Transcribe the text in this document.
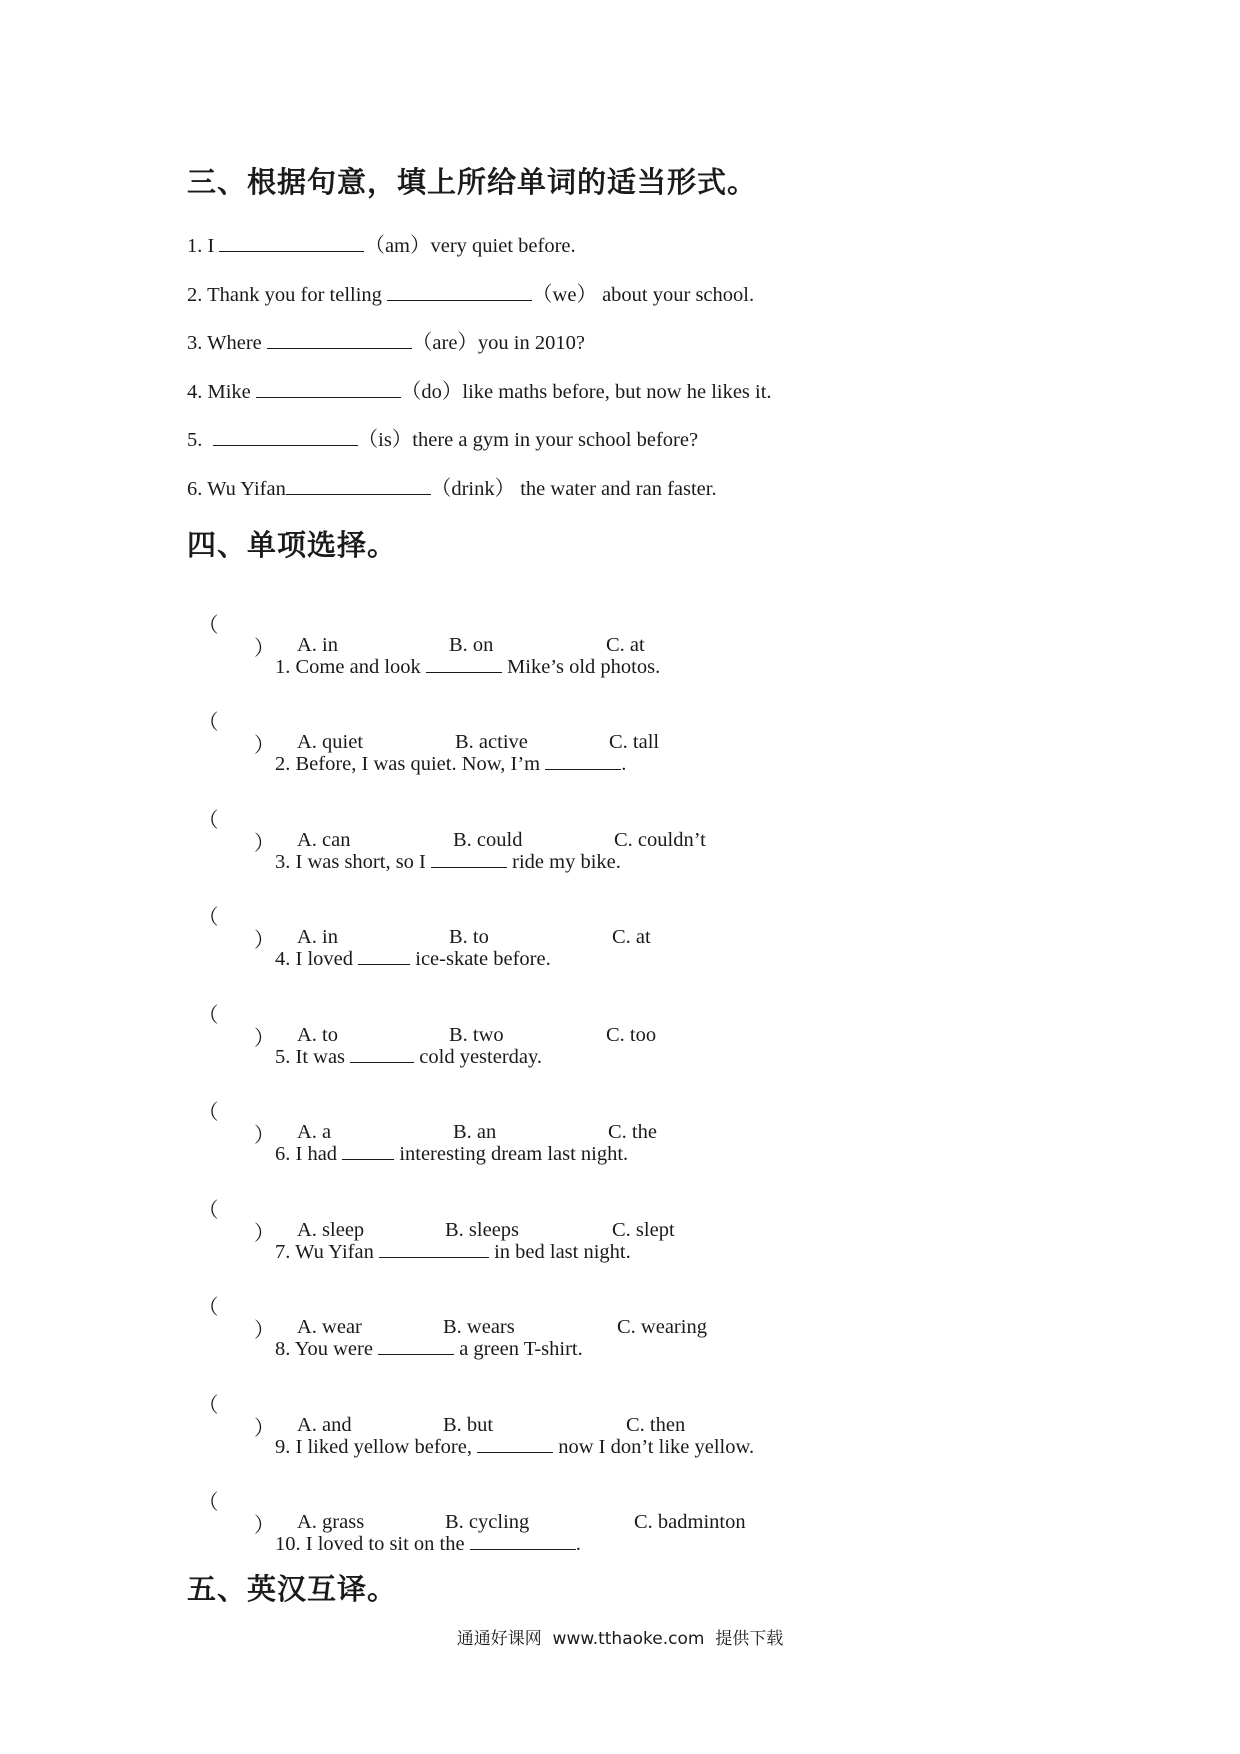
三、根据句意，填上所给单词的适当形式。
1. I	（am）very quiet before.
2. Thank you for telling	（we） about your school.
3. Where	（are）you in 2010?
4. Mike	（do）like maths before, but now he likes it.
5.	（is）there a gym in your school before?
6. Wu Yifan	（drink） the water and ran faster.
四、单项选择。

（

）

1. Come and look	Mike’s old photos.

A. in	B. on	C. at

（

）

2. Before, I was quiet. Now, I’m	.

A. quiet	B. active	C. tall

（

）

3. I was short, so I	ride my bike.

A. can	B. could	C. couldn’t

（

）

4. I loved	ice-skate before.

A. in	B. to	C. at

（

）

5. It was	cold yesterday.

A. to	B. two	C. too

（

）

6. I had	interesting dream last night.

A. a	B. an	C. the

（

）

7. Wu Yifan	in bed last night.

A. sleep	B. sleeps	C. slept

（

）

8. You were	a green T-shirt.

A. wear	B. wears	C. wearing

（

）

9. I liked yellow before,	now I don’t like yellow.

A. and	B. but	C. then

（

）

10. I loved to sit on the	.

A. grass	B. cycling	C. badminton
五、英汉互译。
通通好课网  www.tthaoke.com  提供下载
